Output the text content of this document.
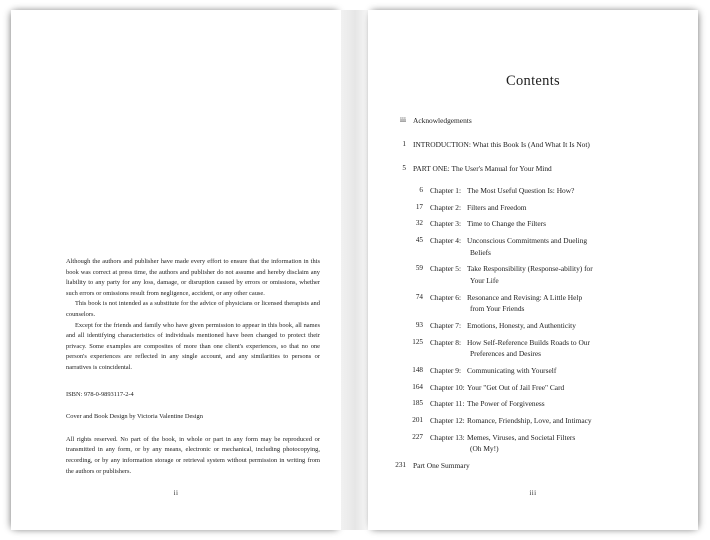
Although the authors and publisher have made every effort to ensure that the information in this book was correct at press time, the authors and publisher do not assume and hereby disclaim any liability to any party for any loss, damage, or disruption caused by errors or omissions, whether such errors or omissions result from negligence, accident, or any other cause.

This book is not intended as a substitute for the advice of physicians or licensed therapists and counselors.

Except for the friends and family who have given permission to appear in this book, all names and all identifying characteristics of individuals mentioned have been changed to protect their privacy. Some examples are composites of more than one client's experiences, so that no one person's experiences are reflected in any single account, and any similarities to persons or narratives is coincidental.

ISBN: 978-0-9893117-2-4

Cover and Book Design by Victoria Valentine Design

All rights reserved. No part of the book, in whole or part in any form may be reproduced or transmitted in any form, or by any means, electronic or mechanical, including photocopying, recording, or by any information storage or retrieval system without permission in writing from the authors or publishers.

ii
Contents
iii Acknowledgements
1 INTRODUCTION: What this Book Is (And What It Is Not)
5 PART ONE: The User's Manual for Your Mind
6 Chapter 1: The Most Useful Question Is: How?
17 Chapter 2: Filters and Freedom
32 Chapter 3: Time to Change the Filters
45 Chapter 4: Unconscious Commitments and Dueling
Beliefs
59 Chapter 5: Take Responsibility (Response-ability) for
Your Life
74 Chapter 6: Resonance and Revising: A Little Help
from Your Friends
93 Chapter 7: Emotions, Honesty, and Authenticity
125 Chapter 8: How Self-Reference Builds Roads to Our
Preferences and Desires
148 Chapter 9: Communicating with Yourself
164 Chapter 10: Your "Get Out of Jail Free" Card
185 Chapter 11: The Power of Forgiveness
201 Chapter 12: Romance, Friendship, Love, and Intimacy
227 Chapter 13: Memes, Viruses, and Societal Filters
(Oh My!)
231 Part One Summary
iii
